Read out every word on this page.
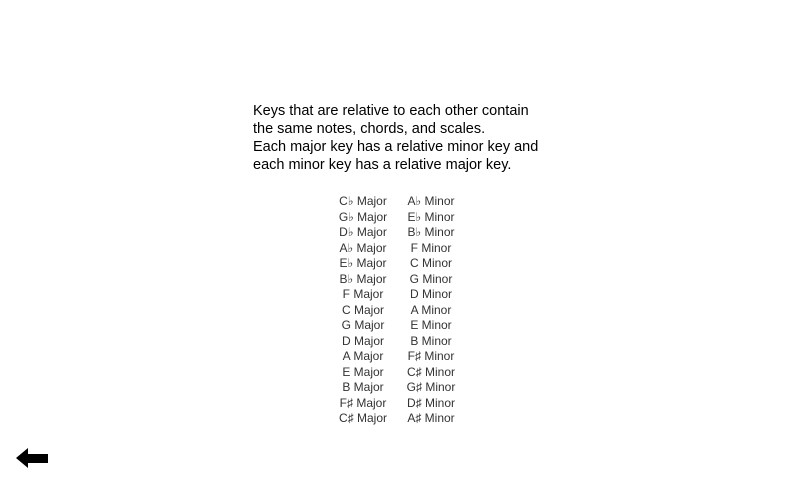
Keys that are relative to each other contain

the same notes, chords, and scales.

Each major key has a relative minor key and

each minor key has a relative major key.

C♭ Major	A♭ Minor
G♭ Major	E♭ Minor
D♭ Major	B♭ Minor
A♭ Major	F Minor
E♭ Major	C Minor
B♭ Major	G Minor
F Major	D Minor
C Major	A Minor
G Major	E Minor
D Major	B Minor
A Major	F♯ Minor
E Major	C♯ Minor
B Major	G♯ Minor
F♯ Major	D♯ Minor
C♯ Major	A♯ Minor
